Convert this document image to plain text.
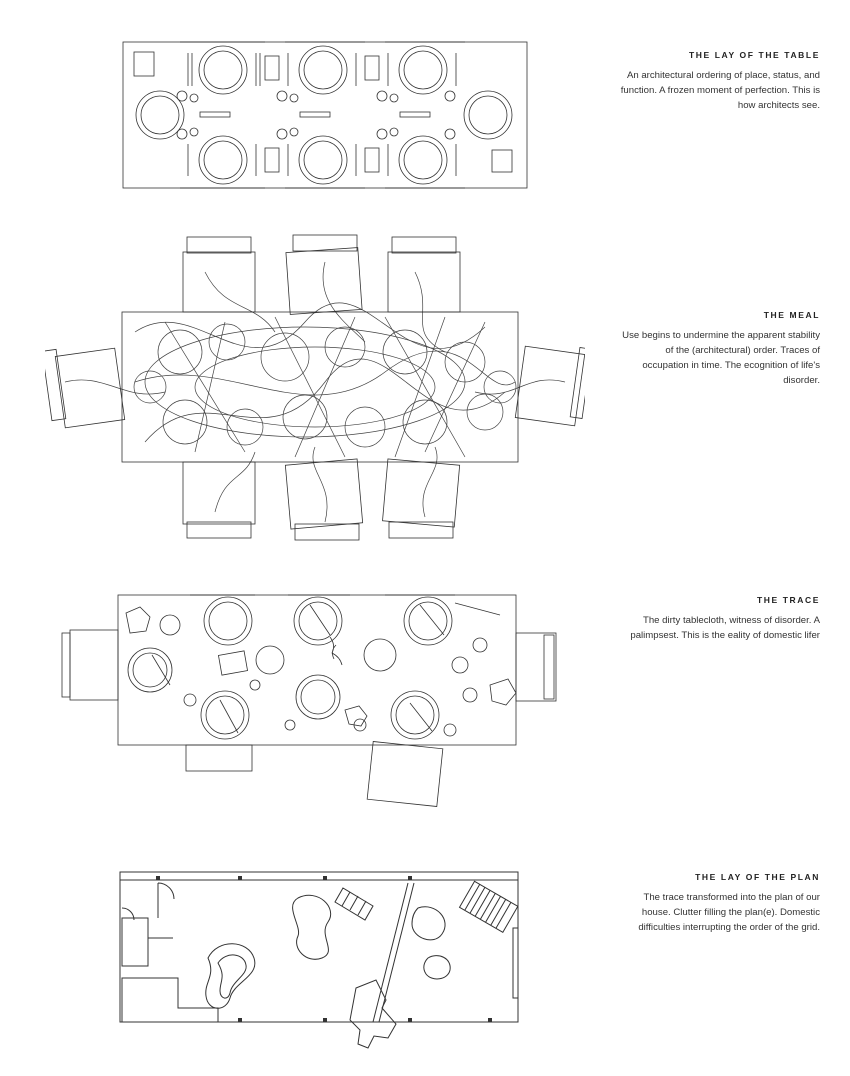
THE LAY OF THE TABLE

An architectural ordering of place, status, and function. A frozen moment of perfection. This is how architects see.

THE MEAL

Use begins to undermine the apparent stability of the (architectural) order. Traces of occupation in time. The ecognition of life's disorder.

THE TRACE

The dirty tablecloth, witness of disorder. A palimpsest. This is the eality of domestic lifer

THE LAY OF THE PLAN

The trace transformed into the plan of our house. Clutter filling the plan(e). Domestic difficulties interrupting the order of the grid.
